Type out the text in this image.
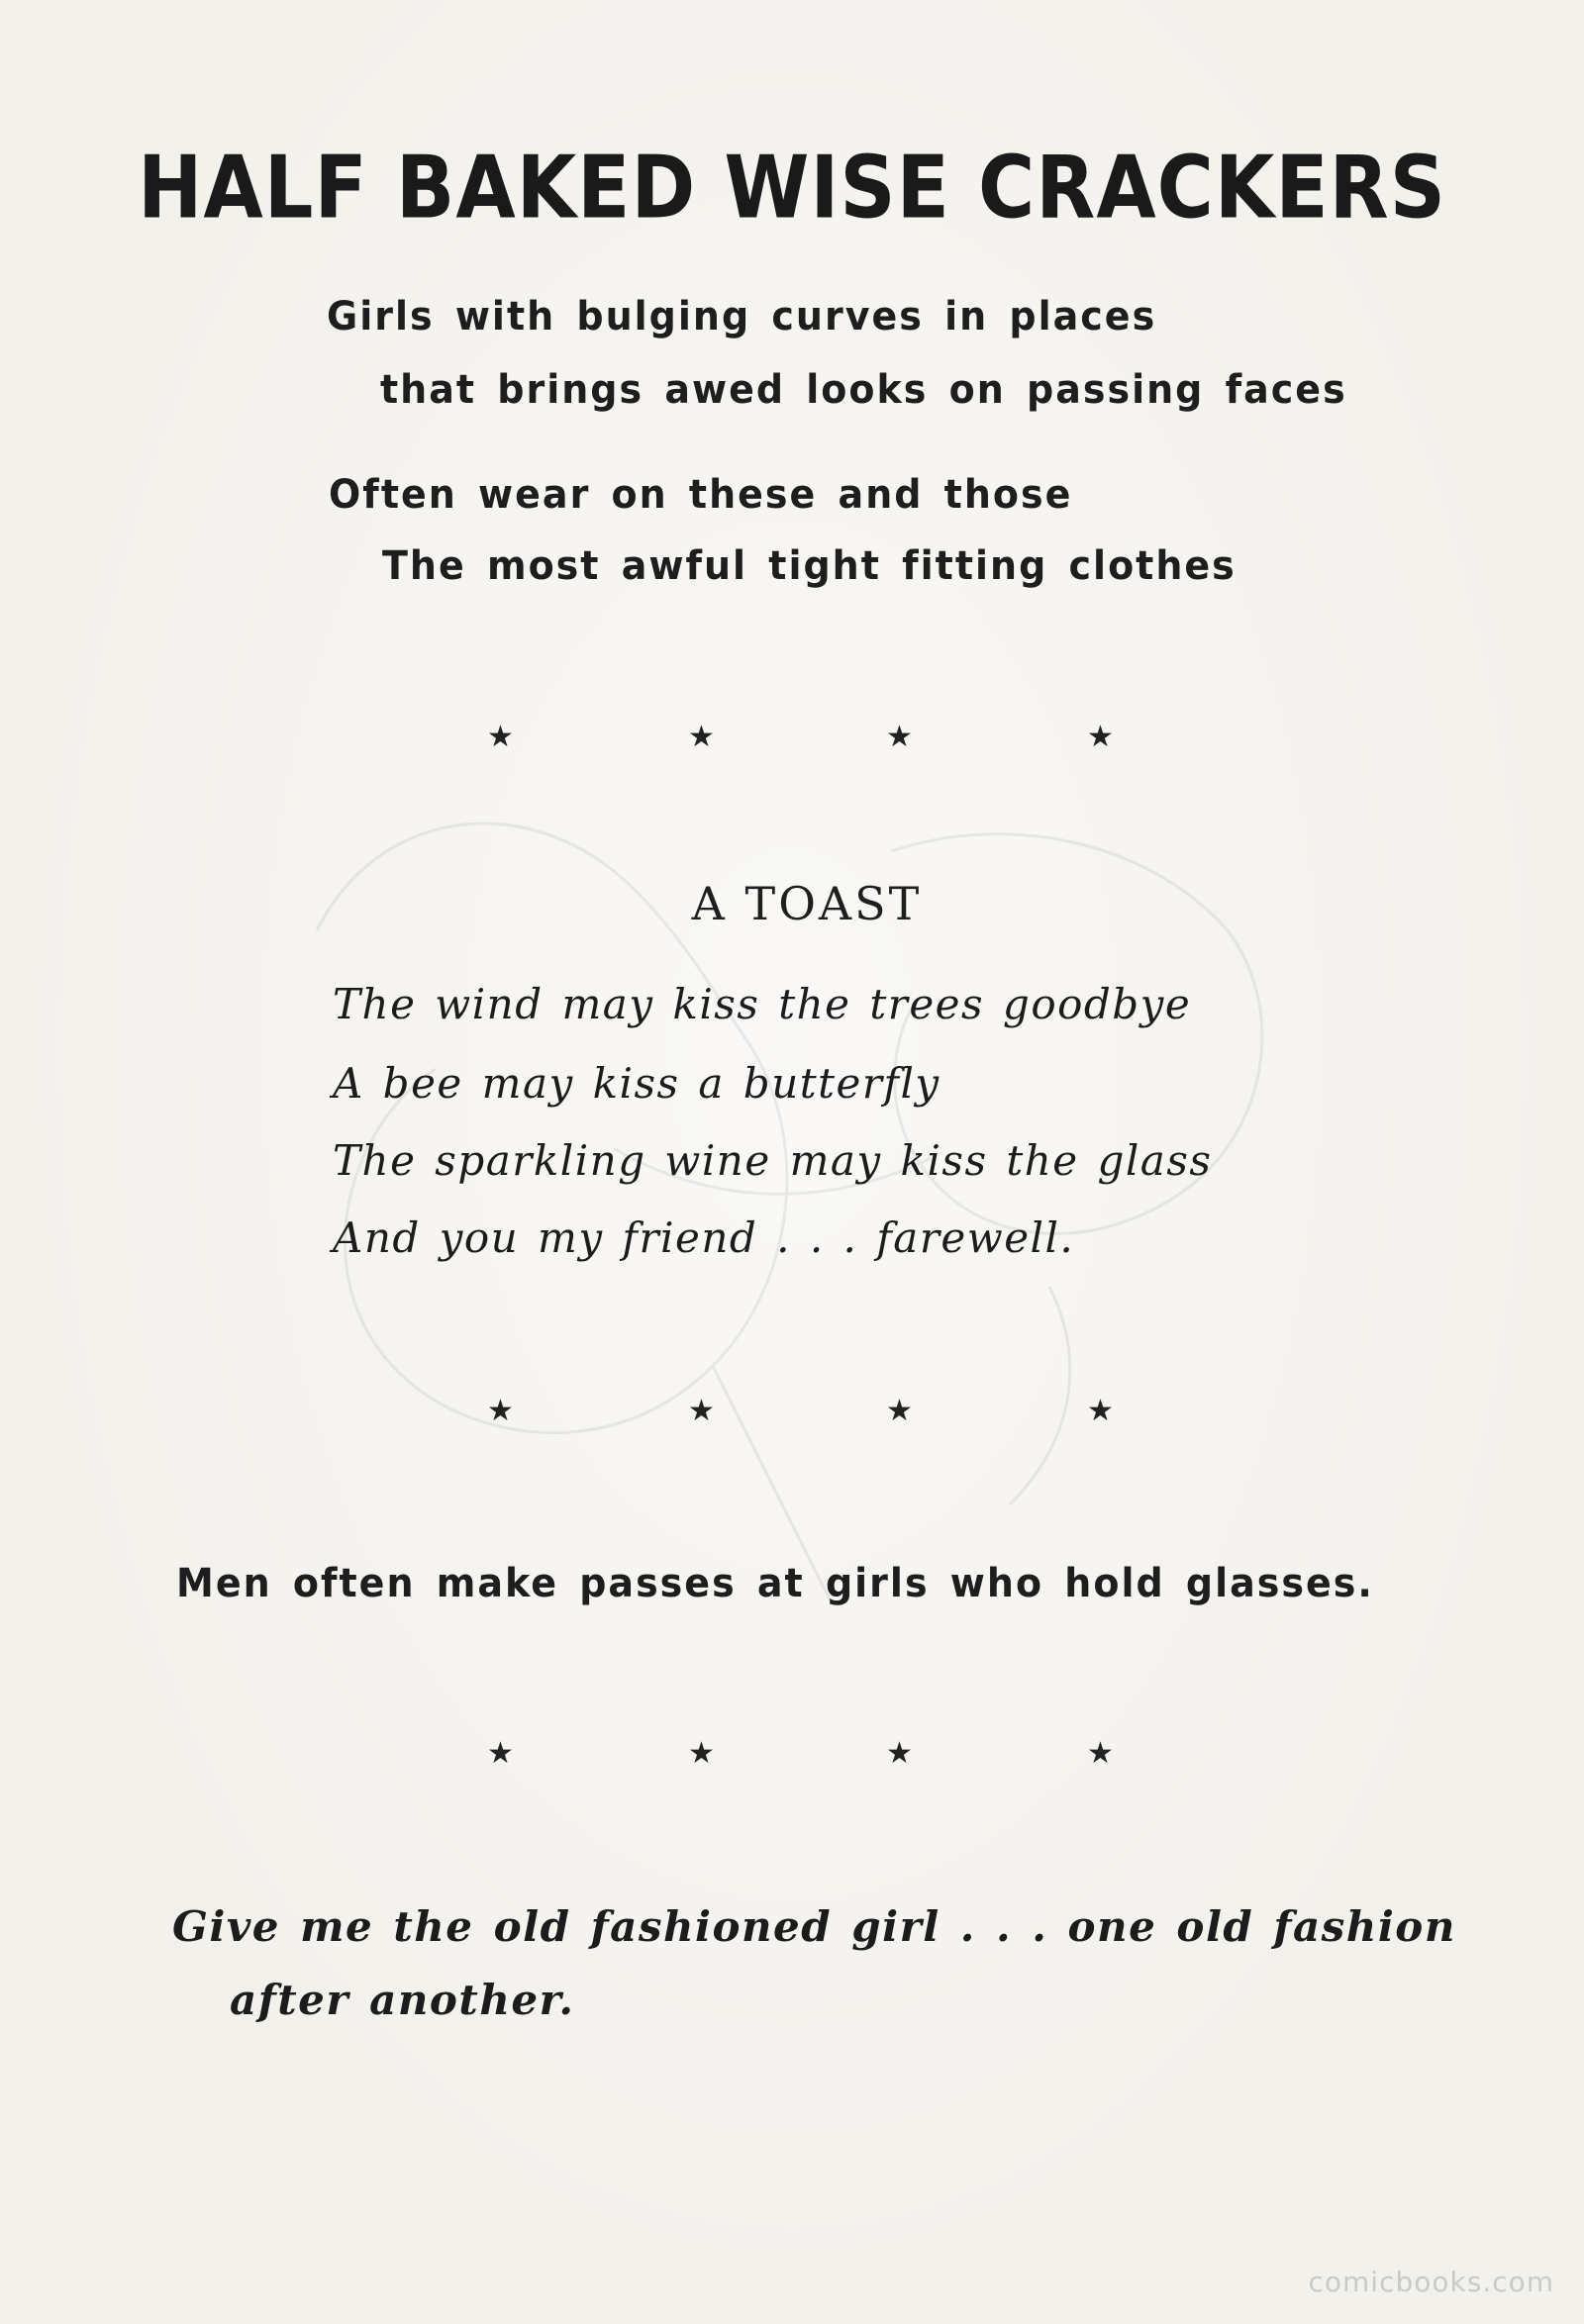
HALF BAKED WISE CRACKERS
Girls with bulging curves in places
that brings awed looks on passing faces
Often wear on these and those
The most awful tight fitting clothes
★	★	★	★
A TOAST
The wind may kiss the trees goodbye
A bee may kiss a butterfly
The sparkling wine may kiss the glass
And you my friend . . . farewell.
★	★	★	★
Men often make passes at girls who hold glasses.
★	★	★	★
Give me the old fashioned girl . . . one old fashion
after another.
comicbooks.com
